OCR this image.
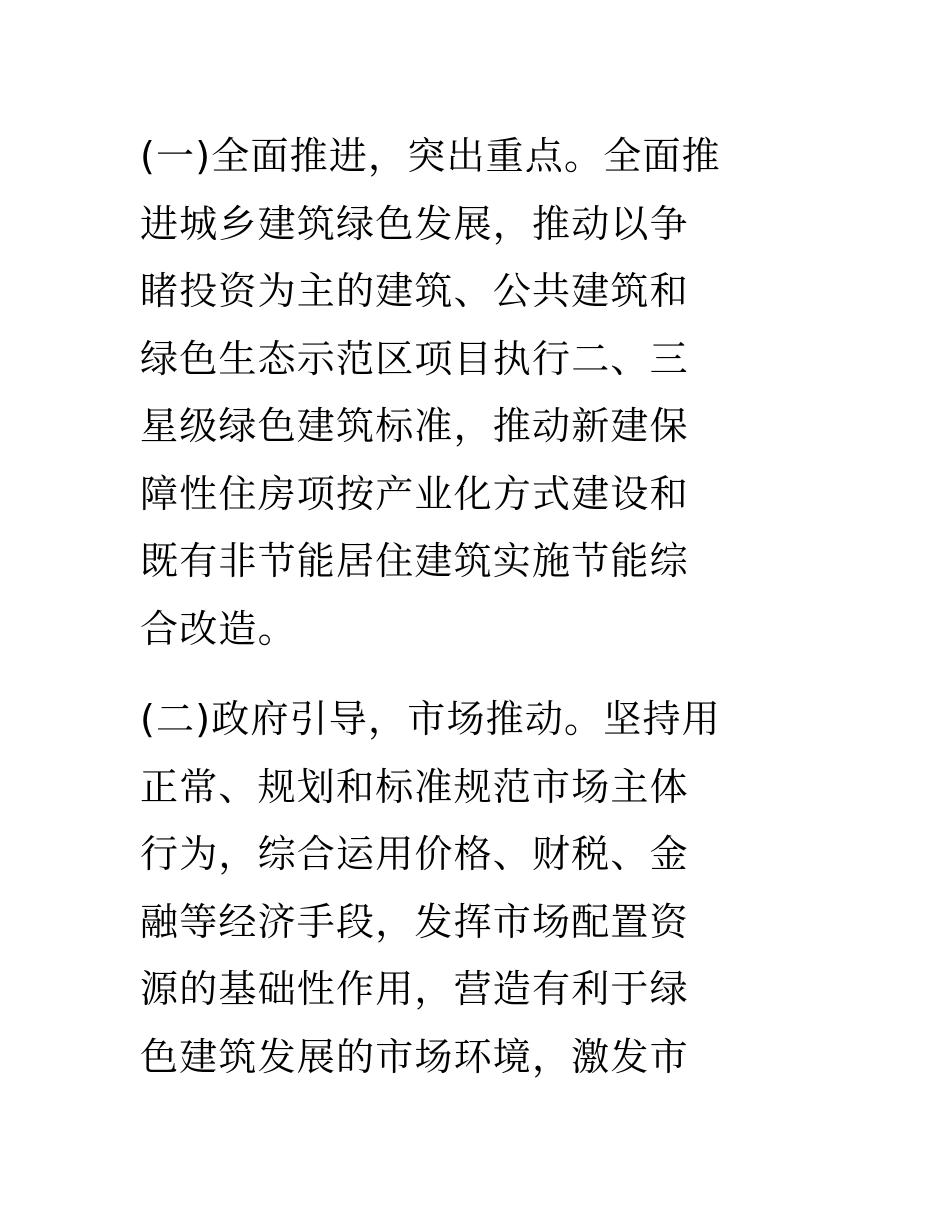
(一)全面推进，突出重点。全面推
进城乡建筑绿色发展，推动以争
睹投资为主的建筑、公共建筑和
绿色生态示范区项目执行二、三
星级绿色建筑标准，推动新建保
障性住房项按产业化方式建设和
既有非节能居住建筑实施节能综
合改造。

(二)政府引导，市场推动。坚持用
正常、规划和标准规范市场主体
行为，综合运用价格、财税、金
融等经济手段，发挥市场配置资
源的基础性作用，营造有利于绿
色建筑发展的市场环境，激发市
